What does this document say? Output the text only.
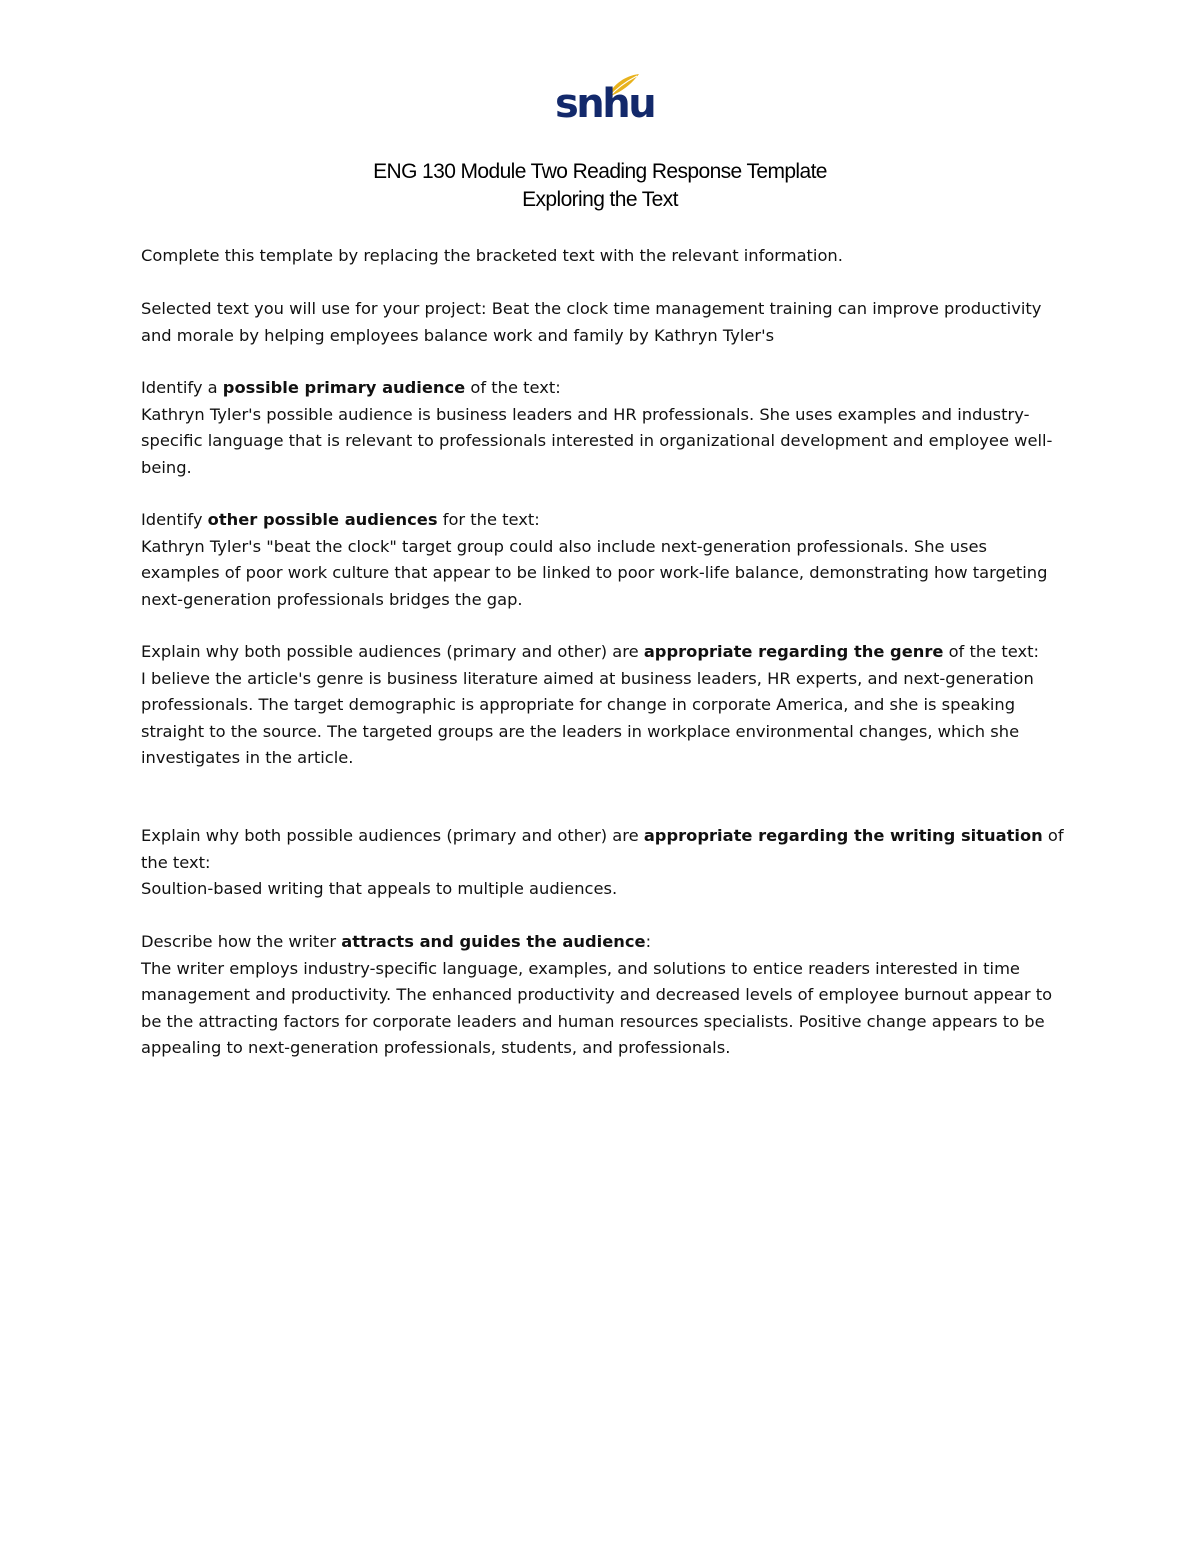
snhu
ENG 130 Module Two Reading Response Template
Exploring the Text

Complete this template by replacing the bracketed text with the relevant information.

Selected text you will use for your project: Beat the clock time management training can improve productivity and morale by helping employees balance work and family by Kathryn Tyler's

Identify a possible primary audience of the text:
Kathryn Tyler's possible audience is business leaders and HR professionals. She uses examples and industry-specific language that is relevant to professionals interested in organizational development and employee well-being.
Identify other possible audiences for the text:
Kathryn Tyler's "beat the clock" target group could also include next-generation professionals. She uses examples of poor work culture that appear to be linked to poor work-life balance, demonstrating how targeting next-generation professionals bridges the gap.
Explain why both possible audiences (primary and other) are appropriate regarding the genre of the text:
I believe the article's genre is business literature aimed at business leaders, HR experts, and next-generation professionals. The target demographic is appropriate for change in corporate America, and she is speaking straight to the source. The targeted groups are the leaders in workplace environmental changes, which she investigates in the article.
Explain why both possible audiences (primary and other) are appropriate regarding the writing situation of the text:
Soultion-based writing that appeals to multiple audiences.
Describe how the writer attracts and guides the audience:
The writer employs industry-specific language, examples, and solutions to entice readers interested in time management and productivity. The enhanced productivity and decreased levels of employee burnout appear to be the attracting factors for corporate leaders and human resources specialists. Positive change appears to be appealing to next-generation professionals, students, and professionals.
